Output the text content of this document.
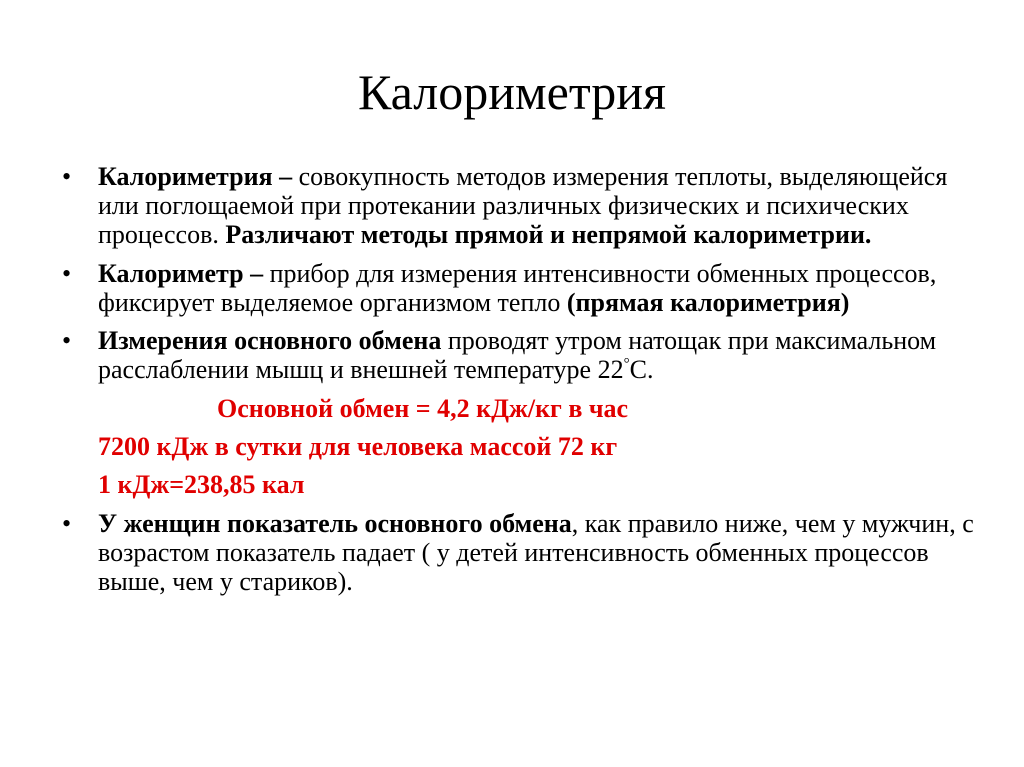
Калориметрия

•	Калориметрия – совокупность методов измерения теплоты, выделяющейся или поглощаемой при протекании различных физических и психических процессов. Различают методы прямой и непрямой калориметрии.

•	Калориметр – прибор для измерения интенсивности обменных процессов, фиксирует выделяемое организмом тепло (прямая калориметрия)

•	Измерения основного обмена проводят утром натощак при максимальном расслаблении мышц и внешней температуре 22°С.

Основной обмен = 4,2 кДж/кг в час

7200 кДж в сутки для человека массой 72 кг

1 кДж=238,85 кал

•	У женщин показатель основного обмена, как правило ниже, чем у мужчин, с возрастом показатель падает ( у детей интенсивность обменных процессов выше, чем у стариков).
